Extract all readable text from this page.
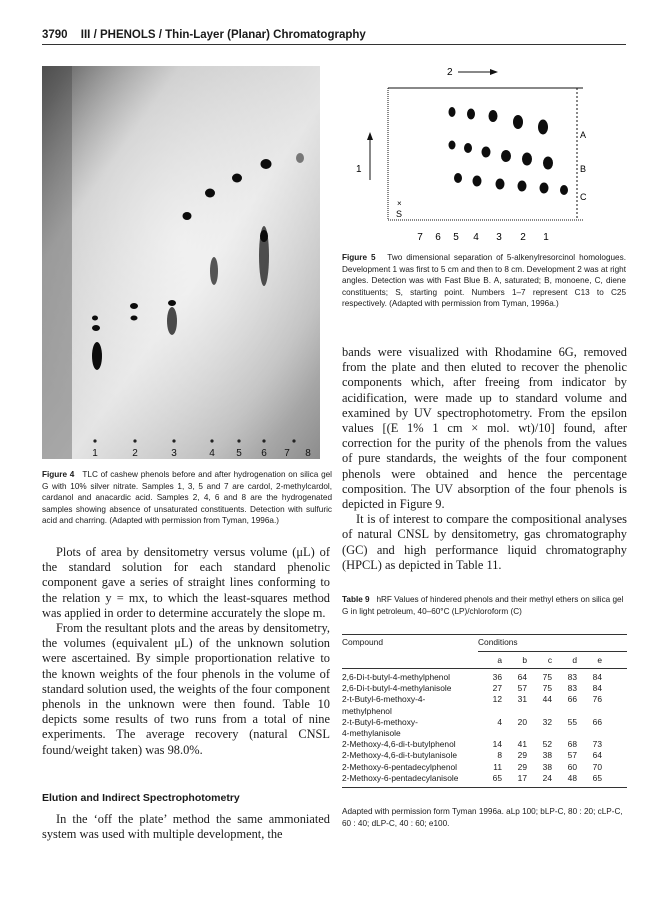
3790 III / PHENOLS / Thin-Layer (Planar) Chromatography
1	2	3	4 5 6 7 8
Figure 4 TLC of cashew phenols before and after hydrogenation on silica gel G with 10% silver nitrate. Samples 1, 3, 5 and 7 are cardol, 2-methylcardol, cardanol and anacardic acid. Samples 2, 4, 6 and 8 are the hydrogenated samples showing absence of unsaturated constituents. Detection with sulfuric acid and charring. (Adapted with permission from Tyman, 1996a.)
2
1
A
B
C
×
S
7 6 5 4 3 2 1
Figure 5 Two dimensional separation of 5-alkenylresorcinol homologues. Development 1 was first to 5 cm and then to 8 cm. Development 2 was at right angles. Detection was with Fast Blue B. A, saturated; B, monoene, C, diene constituents; S, starting point. Numbers 1–7 represent C13 to C25 respectively. (Adapted with permission from Tyman, 1996a.)

bands were visualized with Rhodamine 6G, removed from the plate and then eluted to recover the phenolic components which, after freeing from indicator by acidification, were made up to standard volume and examined by UV spectrophotometry. From the epsilon values [(E 1% 1 cm × mol. wt)/10] found, after correction for the purity of the phenols from the values of pure standards, the weights of the four component phenols were obtained and hence the percentage composition. The UV absorption of the four phenols is depicted in Figure 9.

It is of interest to compare the compositional analyses of natural CNSL by densitometry, gas chromatography (GC) and high performance liquid chromatography (HPCL) as depicted in Table 11.

Plots of area by densitometry versus volume (μL) of the standard solution for each standard phenolic component gave a series of straight lines conforming to the relation y = mx, to which the least-squares method was applied in order to determine accurately the slope m.

From the resultant plots and the areas by densitometry, the volumes (equivalent μL) of the unknown solution were ascertained. By simple proportionation relative to the known weights of the four phenols in the volume of standard solution used, the weights of the four component phenols in the unknown were then found. Table 10 depicts some results of two runs from a total of nine experiments. The average recovery (natural CNSL found/weight taken) was 98.0%.

Elution and Indirect Spectrophotometry

In the ‘off the plate’ method the same ammoniated system was used with multiple development, the

Table 9 hRF Values of hindered phenols and their methyl ethers on silica gel G in light petroleum, 40–60°C (LP)/chloroform (C)
Compound	Conditions
a	b	c	d	e
2,6-Di-t-butyl-4-methylphenol	36	64	75	83	84
2,6-Di-t-butyl-4-methylanisole	27	57	75	83	84
2-t-Butyl-6-methoxy-4-	12	31	44	66	76
methylphenol
2-t-Butyl-6-methoxy-	4	20	32	55	66
4-methylanisole
2-Methoxy-4,6-di-t-butylphenol	14	41	52	68	73
2-Methoxy-4,6-di-t-butylanisole	8	29	38	57	64
2-Methoxy-6-pentadecylphenol	11	29	38	60	70
2-Methoxy-6-pentadecylanisole	65	17	24	48	65
Adapted with permission form Tyman 1996a. aLp 100; bLP-C, 80 : 20; cLP-C, 60 : 40; dLP-C, 40 : 60; e100.
